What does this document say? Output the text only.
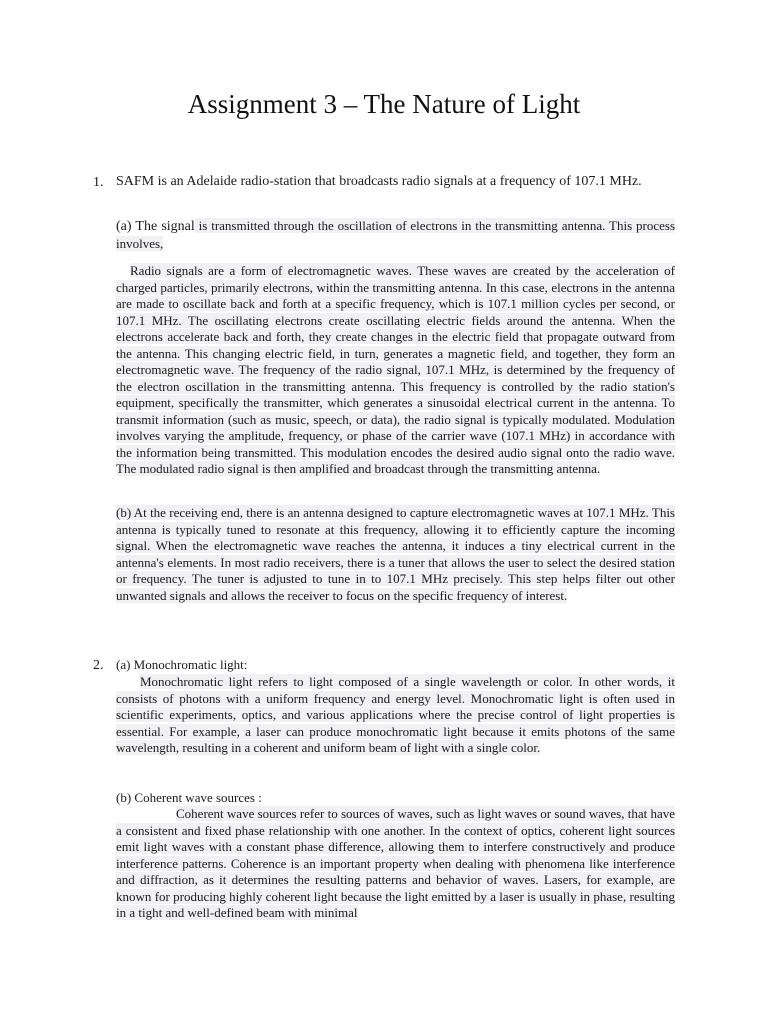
Assignment 3 – The Nature of Light
1. SAFM is an Adelaide radio-station that broadcasts radio signals at a frequency of 107.1 MHz.

(a) The signal is transmitted through the oscillation of electrons in the transmitting antenna. This process involves,

Radio signals are a form of electromagnetic waves. These waves are created by the acceleration of charged particles, primarily electrons, within the transmitting antenna. In this case, electrons in the antenna are made to oscillate back and forth at a specific frequency, which is 107.1 million cycles per second, or 107.1 MHz. The oscillating electrons create oscillating electric fields around the antenna. When the electrons accelerate back and forth, they create changes in the electric field that propagate outward from the antenna. This changing electric field, in turn, generates a magnetic field, and together, they form an electromagnetic wave. The frequency of the radio signal, 107.1 MHz, is determined by the frequency of the electron oscillation in the transmitting antenna. This frequency is controlled by the radio station's equipment, specifically the transmitter, which generates a sinusoidal electrical current in the antenna. To transmit information (such as music, speech, or data), the radio signal is typically modulated. Modulation involves varying the amplitude, frequency, or phase of the carrier wave (107.1 MHz) in accordance with the information being transmitted. This modulation encodes the desired audio signal onto the radio wave. The modulated radio signal is then amplified and broadcast through the transmitting antenna.

(b) At the receiving end, there is an antenna designed to capture electromagnetic waves at 107.1 MHz. This antenna is typically tuned to resonate at this frequency, allowing it to efficiently capture the incoming signal. When the electromagnetic wave reaches the antenna, it induces a tiny electrical current in the antenna's elements. In most radio receivers, there is a tuner that allows the user to select the desired station or frequency. The tuner is adjusted to tune in to 107.1 MHz precisely. This step helps filter out other unwanted signals and allows the receiver to focus on the specific frequency of interest.

2. (a) Monochromatic light:

Monochromatic light refers to light composed of a single wavelength or color. In other words, it consists of photons with a uniform frequency and energy level. Monochromatic light is often used in scientific experiments, optics, and various applications where the precise control of light properties is essential. For example, a laser can produce monochromatic light because it emits photons of the same wavelength, resulting in a coherent and uniform beam of light with a single color.

(b) Coherent wave sources :

Coherent wave sources refer to sources of waves, such as light waves or sound waves, that have a consistent and fixed phase relationship with one another. In the context of optics, coherent light sources emit light waves with a constant phase difference, allowing them to interfere constructively and produce interference patterns. Coherence is an important property when dealing with phenomena like interference and diffraction, as it determines the resulting patterns and behavior of waves. Lasers, for example, are known for producing highly coherent light because the light emitted by a laser is usually in phase, resulting in a tight and well-defined beam with minimal
